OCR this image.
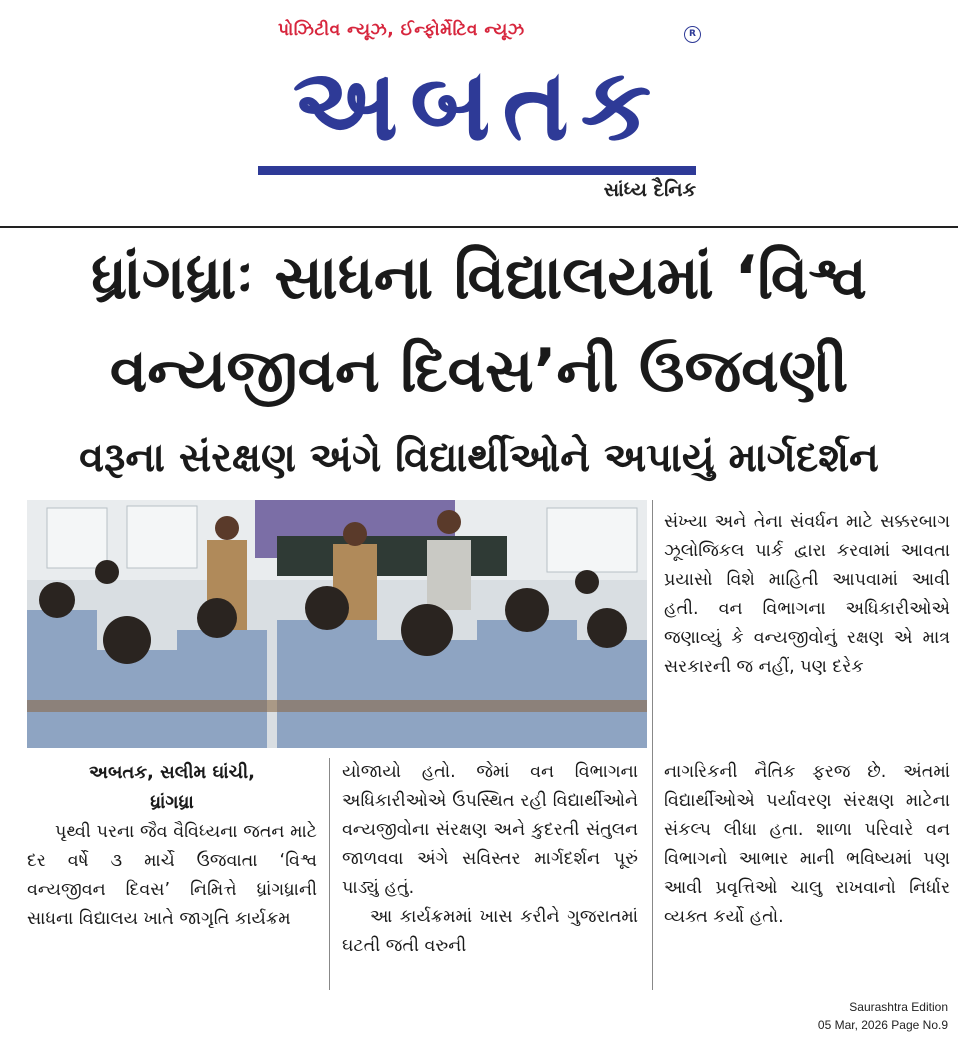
પોઝિટીવ ન્યૂઝ, ઈન્ફોર્મેટિવ ન્યૂઝ	R
અબતક
સાંધ્ય દૈનિક
ધ્રાંગધ્રાઃ સાધના વિદ્યાલયમાં ‘વિશ્વ
વન્યજીવન દિવસ’ની ઉજવણી
વરૂના સંરક્ષણ અંગે વિદ્યાર્થીઓને અપાયું માર્ગદર્શન

સંખ્યા અને તેના સંવર્ધન માટે સક્કરબાગ ઝૂલોજિકલ પાર્ક દ્વારા કરવામાં આવતા પ્રયાસો વિશે માહિતી આપવામાં આવી હતી. વન વિભાગના અધિકારીઓએ જણાવ્યું કે વન્યજીવોનું રક્ષણ એ માત્ર સરકારની જ નહીં, પણ દરેક

અબતક, સલીમ ઘાંચી,
ધ્રાંગધ્રા

પૃથ્વી પરના જૈવ વૈવિધ્યના જતન માટે દર વર્ષે ૩ માર્ચે ઉજવાતા ‘વિશ્વ વન્યજીવન દિવસ’ નિમિત્તે ધ્રાંગધ્રાની સાધના વિદ્યાલય ખાતે જાગૃતિ કાર્યક્રમ

યોજાયો હતો. જેમાં વન વિભાગના અધિકારીઓએ ઉપસ્થિત રહી વિદ્યાર્થીઓને વન્યજીવોના સંરક્ષણ અને કુદરતી સંતુલન જાળવવા અંગે સવિસ્તર માર્ગદર્શન પૂરું પાડ્યું હતું.

આ કાર્યક્રમમાં ખાસ કરીને ગુજરાતમાં ઘટતી જતી વરુની

નાગરિકની નૈતિક ફરજ છે. અંતમાં વિદ્યાર્થીઓએ પર્યાવરણ સંરક્ષણ માટેના સંકલ્પ લીધા હતા. શાળા પરિવારે વન વિભાગનો આભાર માની ભવિષ્યમાં પણ આવી પ્રવૃત્તિઓ ચાલુ રાખવાનો નિર્ધાર વ્યક્ત કર્યો હતો.

Saurashtra Edition
05 Mar, 2026 Page No.9
